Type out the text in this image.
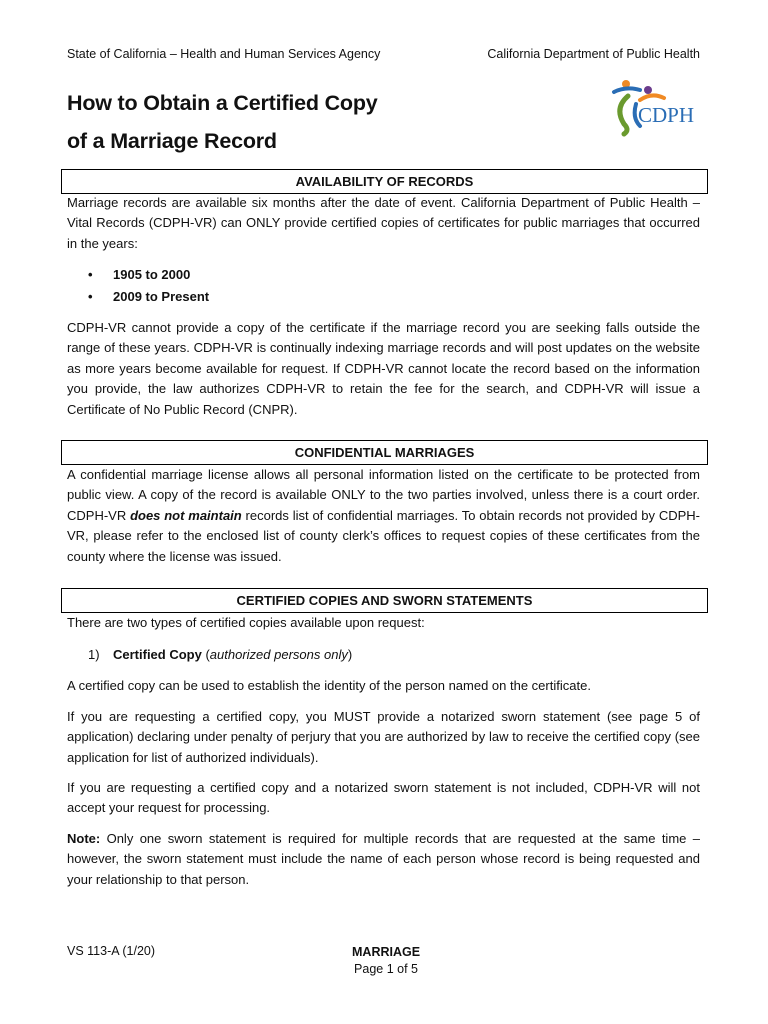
State of California – Health and Human Services Agency	California Department of Public Health
How to Obtain a Certified Copy
of a Marriage Record
CDPH
AVAILABILITY OF RECORDS
Marriage records are available six months after the date of event. California Department of Public Health – Vital Records (CDPH-VR) can ONLY provide certified copies of certificates for public marriages that occurred in the years:
• 1905 to 2000
• 2009 to Present
CDPH-VR cannot provide a copy of the certificate if the marriage record you are seeking falls outside the range of these years. CDPH-VR is continually indexing marriage records and will post updates on the website as more years become available for request. If CDPH-VR cannot locate the record based on the information you provide, the law authorizes CDPH-VR to retain the fee for the search, and CDPH-VR will issue a Certificate of No Public Record (CNPR).
CONFIDENTIAL MARRIAGES
A confidential marriage license allows all personal information listed on the certificate to be protected from public view. A copy of the record is available ONLY to the two parties involved, unless there is a court order. CDPH-VR does not maintain records list of confidential marriages. To obtain records not provided by CDPH-VR, please refer to the enclosed list of county clerk’s offices to request copies of these certificates from the county where the license was issued.
CERTIFIED COPIES AND SWORN STATEMENTS
There are two types of certified copies available upon request:
1) Certified Copy (authorized persons only)
A certified copy can be used to establish the identity of the person named on the certificate.
If you are requesting a certified copy, you MUST provide a notarized sworn statement (see page 5 of application) declaring under penalty of perjury that you are authorized by law to receive the certified copy (see application for list of authorized individuals).
If you are requesting a certified copy and a notarized sworn statement is not included, CDPH-VR will not accept your request for processing.
Note: Only one sworn statement is required for multiple records that are requested at the same time – however, the sworn statement must include the name of each person whose record is being requested and your relationship to that person.
VS 113-A (1/20)	MARRIAGE
Page 1 of 5
